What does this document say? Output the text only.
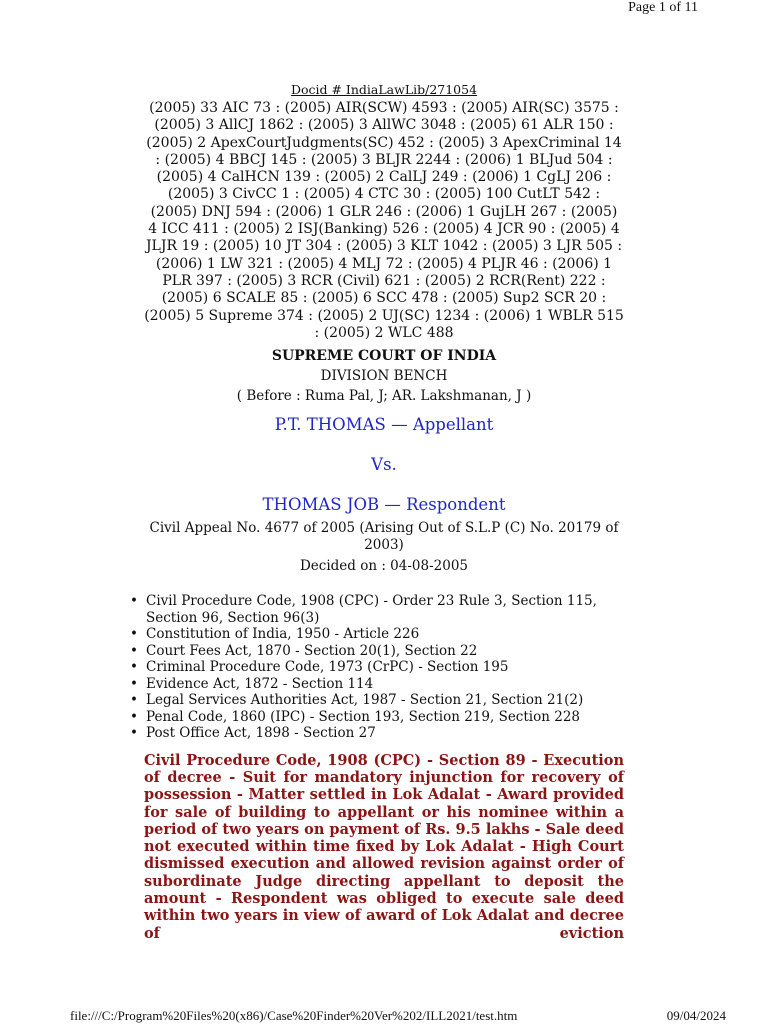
Page 1 of 11
Docid # IndiaLawLib/271054

(2005) 33 AIC 73 : (2005) AIR(SCW) 4593 : (2005) AIR(SC) 3575 : (2005) 3 AllCJ 1862 : (2005) 3 AllWC 3048 : (2005) 61 ALR 150 : (2005) 2 ApexCourtJudgments(SC) 452 : (2005) 3 ApexCriminal 14 : (2005) 4 BBCJ 145 : (2005) 3 BLJR 2244 : (2006) 1 BLJud 504 : (2005) 4 CalHCN 139 : (2005) 2 CalLJ 249 : (2006) 1 CgLJ 206 : (2005) 3 CivCC 1 : (2005) 4 CTC 30 : (2005) 100 CutLT 542 : (2005) DNJ 594 : (2006) 1 GLR 246 : (2006) 1 GujLH 267 : (2005) 4 ICC 411 : (2005) 2 ISJ(Banking) 526 : (2005) 4 JCR 90 : (2005) 4 JLJR 19 : (2005) 10 JT 304 : (2005) 3 KLT 1042 : (2005) 3 LJR 505 : (2006) 1 LW 321 : (2005) 4 MLJ 72 : (2005) 4 PLJR 46 : (2006) 1 PLR 397 : (2005) 3 RCR (Civil) 621 : (2005) 2 RCR(Rent) 222 : (2005) 6 SCALE 85 : (2005) 6 SCC 478 : (2005) Sup2 SCR 20 : (2005) 5 Supreme 374 : (2005) 2 UJ(SC) 1234 : (2006) 1 WBLR 515 : (2005) 2 WLC 488

SUPREME COURT OF INDIA
DIVISION BENCH
( Before : Ruma Pal, J; AR. Lakshmanan, J )
P.T. THOMAS — Appellant
Vs.
THOMAS JOB — Respondent
Civil Appeal No. 4677 of 2005 (Arising Out of S.L.P (C) No. 20179 of 2003)
Decided on : 04-08-2005
• Civil Procedure Code, 1908 (CPC) - Order 23 Rule 3, Section 115, Section 96, Section 96(3)
• Constitution of India, 1950 - Article 226
• Court Fees Act, 1870 - Section 20(1), Section 22
• Criminal Procedure Code, 1973 (CrPC) - Section 195
• Evidence Act, 1872 - Section 114
• Legal Services Authorities Act, 1987 - Section 21, Section 21(2)
• Penal Code, 1860 (IPC) - Section 193, Section 219, Section 228
• Post Office Act, 1898 - Section 27
Civil Procedure Code, 1908 (CPC) - Section 89 - Execution of decree - Suit for mandatory injunction for recovery of possession - Matter settled in Lok Adalat - Award provided for sale of building to appellant or his nominee within a period of two years on payment of Rs. 9.5 lakhs - Sale deed not executed within time fixed by Lok Adalat - High Court dismissed execution and allowed revision against order of subordinate Judge directing appellant to deposit the amount - Respondent was obliged to execute sale deed within two years in view of award of Lok Adalat and decree of eviction
file:///C:/Program%20Files%20(x86)/Case%20Finder%20Ver%202/ILL2021/test.htm	09/04/2024
